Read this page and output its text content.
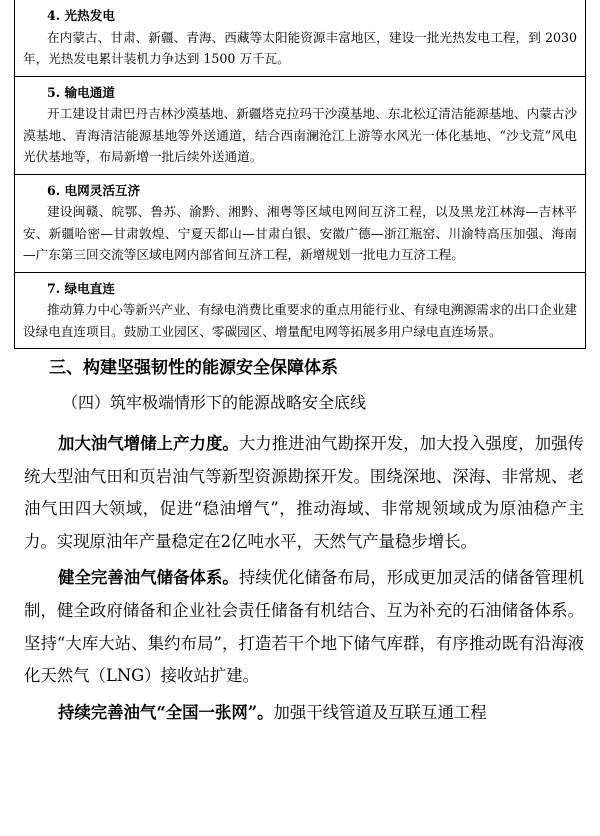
4. 光热发电
在内蒙古、甘肃、新疆、青海、西藏等太阳能资源丰富地区，建设一批光热发电工程，到 2030 年，光热发电累计装机力争达到 1500 万千瓦。
5. 输电通道
开工建设甘肃巴丹吉林沙漠基地、新疆塔克拉玛干沙漠基地、东北松辽清洁能源基地、内蒙古沙漠基地、青海清洁能源基地等外送通道，结合西南澜沧江上游等水风光一体化基地、“沙戈荒”风电光伏基地等，布局新增一批后续外送通道。
6. 电网灵活互济
建设闽赣、皖鄂、鲁苏、渝黔、湘黔、湘粤等区域电网间互济工程，以及黑龙江林海—吉林平安、新疆哈密—甘肃敦煌、宁夏天都山—甘肃白银、安徽广德—浙江瓶窑、川渝特高压加强、海南—广东第三回交流等区域电网内部省间互济工程，新增规划一批电力互济工程。
7. 绿电直连
推动算力中心等新兴产业、有绿电消费比重要求的重点用能行业、有绿电溯源需求的出口企业建设绿电直连项目。鼓励工业园区、零碳园区、增量配电网等拓展多用户绿电直连场景。
三、构建坚强韧性的能源安全保障体系
（四）筑牢极端情形下的能源战略安全底线

加大油气增储上产力度。大力推进油气勘探开发，加大投入强度，加强传统大型油气田和页岩油气等新型资源勘探开发。围绕深地、深海、非常规、老油气田四大领域，促进“稳油增气”，推动海域、非常规领域成为原油稳产主力。实现原油年产量稳定在2亿吨水平，天然气产量稳步增长。

健全完善油气储备体系。持续优化储备布局，形成更加灵活的储备管理机制，健全政府储备和企业社会责任储备有机结合、互为补充的石油储备体系。坚持“大库大站、集约布局”，打造若干个地下储气库群，有序推动既有沿海液化天然气（LNG）接收站扩建。

持续完善油气“全国一张网”。加强干线管道及互联互通工程
